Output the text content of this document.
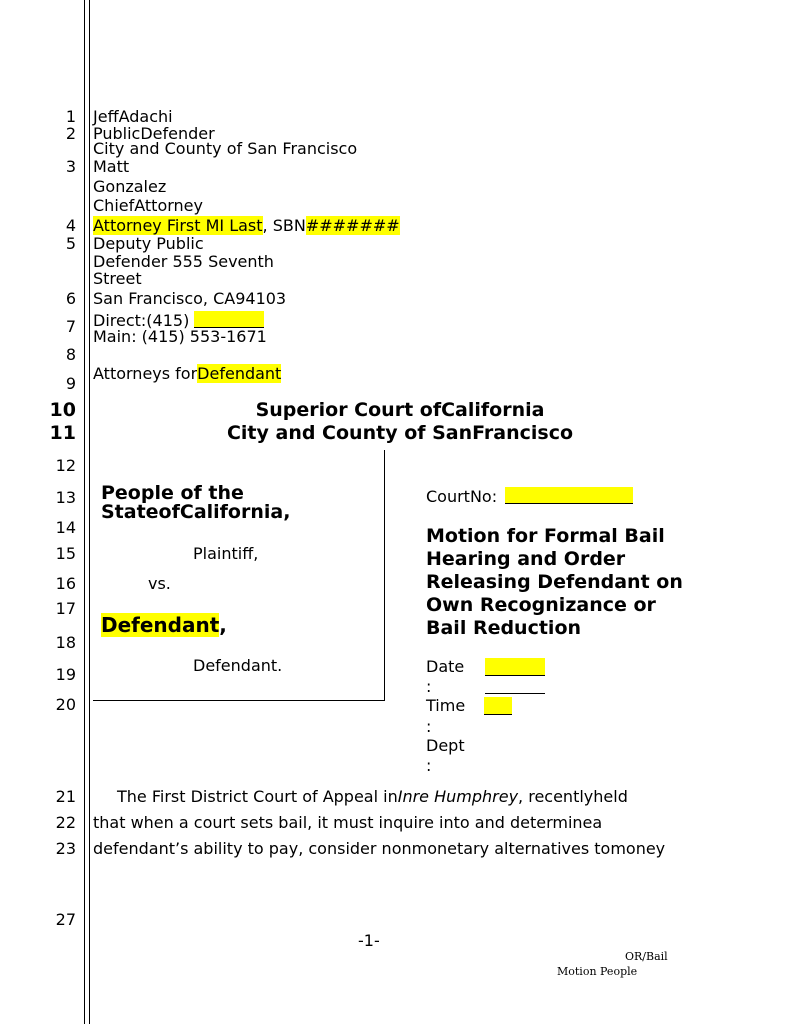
1
2
3
4
5
6
7
8
9
10
11
12
13
14
15
16
17
18
19
20
21
22
23
27
JeffAdachi
PublicDefender
City and County of San Francisco
Matt
Gonzalez
ChiefAttorney
Attorney First MI Last, SBN#######
Deputy Public
Defender 555 Seventh
Street
San Francisco, CA94103
Direct:(415)
Main: (415) 553-1671
Attorneys forDefendant
Superior Court ofCalifornia
City and County of SanFrancisco
People of the
StateofCalifornia,
Plaintiff,
vs.
Defendant,
Defendant.
CourtNo:
Motion for Formal Bail
Hearing and Order
Releasing Defendant on
Own Recognizance or
Bail Reduction
Date
:
Time
:
Dept
:
The First District Court of Appeal inInre Humphrey, recentlyheld
that when a court sets bail, it must inquire into and determinea
defendant’s ability to pay, consider nonmonetary alternatives tomoney
-1-
OR/Bail
Motion People
